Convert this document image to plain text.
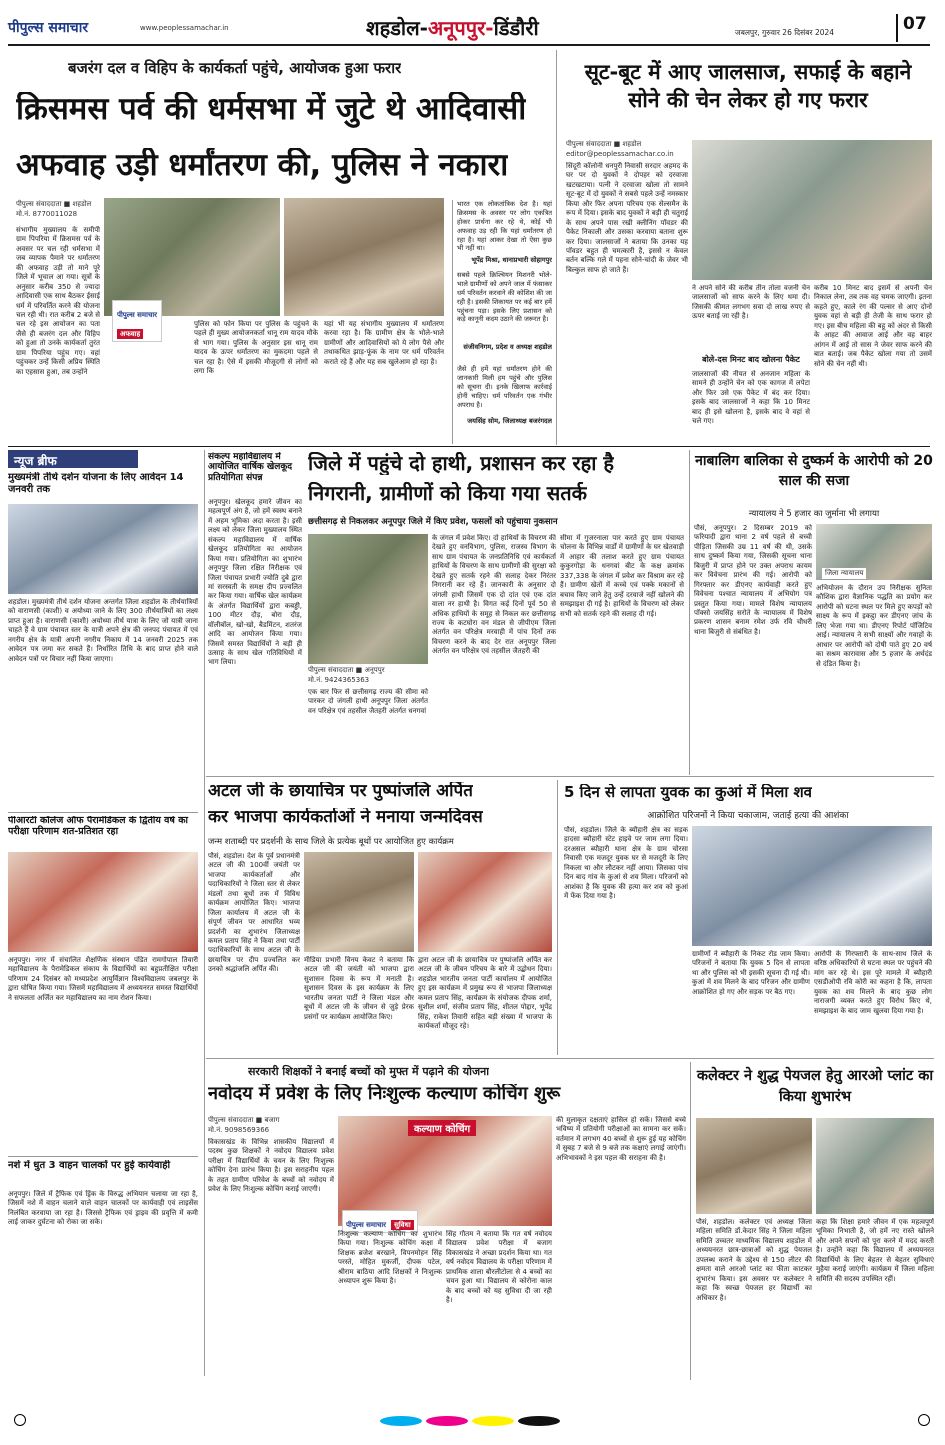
पीपुल्स समाचार	www.peoplessamachar.in	शहडोल-अनूपपुर-डिंडौरी	जबलपुर, गुरुवार 26 दिसंबर 2024	07
बजरंग दल व विहिप के कार्यकर्ता पहुंचे, आयोजक हुआ फरार
क्रिसमस पर्व की धर्मसभा में जुटे थे आदिवासी
अफवाह उड़ी धर्मांतरण की, पुलिस ने नकारा
पीपुल्स संवाददाता ■ शहडोल
मो.नं. 8770011028
पीपुल्स समाचार
अफवाह
संभागीय मुख्यालय के समीपी ग्राम पिपरिया में क्रिसमस पर्व के अवसर पर चल रही धर्मसभा में जब व्यापक पैमाने पर धर्मांतरण की अफवाह उड़ी तो माने पूरे जिले में भूचाल आ गया। सूत्रों के अनुसार करीब 350 से ज्यादा आदिवासी एक साथ बैठकर ईसाई धर्म में परिवर्तित करने की योजना चल रही थी। रात करीब 2 बजे से चल रहे इस आयोजन का पता जैसे ही बजरंग दल और विहिप को हुआ तो उनके कार्यकर्ता तुरंत ग्राम पिपरिया पहुंच गए। वहां पहुंचकर उन्हें किसी अप्रिय स्थिति का एहसास हुआ, तब उन्होंने
पुलिस को फोन किया पर पुलिस के पहुंचने के पहले ही मुख्य आयोजनकर्ता धानू राम यादव मौके से भाग गया। पुलिस के अनुसार इस धानू राम यादव के ऊपर धर्मांतरण का मुकदमा पहले से चल रहा है। ऐसे में इसकी मौजूदगी से लोगों को लगा कि
यहां भी यह संभागीय मुख्यालय में धर्मांतरण करवा रहा है। कि ग्रामीण क्षेत्र के भोले-भाले ग्रामीणों और आदिवासियों को ये लोग पैसे और तथाकथित झाड़-फूंक के नाम पर धर्म परिवर्तन कराते रहे हैं और यह सब खुलेआम हो रहा है।
भारत एक लोकतांत्रिक देश है। यहां क्रिसमस के अवसर पर लोग एकत्रित होकर प्रार्थना कर रहे थे, कोई भी अफवाह उड़ रही कि यहां धर्मांतरण हो रहा है। यहां आकर देखा तो ऐसा कुछ भी नहीं था।
भूपेंद्र मिश्रा, थानाप्रभारी सोहागपुर
सबसे पहले क्रिश्चियन मिशनरी भोले-भाले ग्रामीणों को अपने जाल में फंसाकर धर्म परिवर्तन करवाने की कोशिश की जा रही है। इसकी शिकायत पर कई बार हमें पहुंचना पड़ा। इसके लिए प्रशासन को कड़े कानूनी कदम उठाने की जरूरत है।
संजीवनिगम, प्रदेश व अध्यक्ष शहडोल
जैसे ही हमें यहां धर्मांतरण होने की जानकारी मिली हम पहुंचे और पुलिस को सूचना दी। इनके खिलाफ कार्रवाई होनी चाहिए। धर्म परिवर्तन एक गंभीर अपराध है।
जयसिंह सोम, जिलाध्यक्ष बजरंगदल
सूट-बूट में आए जालसाज, सफाई के बहाने सोने की चेन लेकर हो गए फरार
पीपुल्स संवाददाता ■ शहडोल
editor@peoplessamachar.co.in
सिंदूरी कॉलोनी धनपुरी निवासी सरदार अहमद के घर पर दो युवकों ने दोपहर को दरवाजा खटखटाया। पत्नी ने दरवाजा खोला तो सामने सूट-बूट में दो युवकों ने सबसे पहले उन्हें नमस्कार किया और फिर अपना परिचय एक सेल्समैन के रूप में दिया। इसके बाद युवकों ने बड़ी ही चतुराई के साथ अपने पास रखी क्लीनिंग पॉवडर की पैकेट निकाली और उसका करवाया बताना शुरू कर दिया। जालसाजों ने बताया कि उनका यह पॉवडर बहुत ही चमत्कारी है, इससे न केवल बर्तन बल्कि गले में पहना सोने-चांदी के जेवर भी बिल्कुल साफ हो जाते हैं।
ने अपने सोने की करीब तीन तोला वजनी चेन जालसाजों को साफ करने के लिए थमा दी। जिसकी कीमत लगभग सवा दो लाख रुपए से ऊपर बताई जा रही है।
बोले-दस मिनट बाद खोलना पैकेट
जालसाजों की नीयत से अनजान महिला के सामने ही उन्होंने चेन को एक कागज में लपेटा और फिर उसे एक पैकेट में बंद कर दिया। इसके बाद जालसाजों ने कहा कि 10 मिनट बाद ही इसे खोलना है, इसके बाद वे वहां से चले गए।
करीब 10 मिनट बाद इसमें से अपनी चेन निकाल लेना, तब तक वह चमक जाएगी। इतना कहते हुए, काले रंग की पल्सर से आए दोनों युवक वहां से बड़ी ही तेजी के साथ फरार हो गए। इस बीच महिला की बहू को अंदर से किसी के आहट की आवाज आई और वह बाहर आंगन में आई तो सास ने जेवर साफ करने की बात बताई। जब पैकेट खोला गया तो उसमें सोने की चेन नहीं थी।
न्यूज ब्रीफ
मुख्यमंत्री तीर्थ दर्शन योजना के लिए आवेदन 14 जनवरी तक
शहडोल। मुख्यमंत्री तीर्थ दर्शन योजना अन्तर्गत जिला शहडोल के तीर्थयात्रियों को वाराणसी (काशी) व अयोध्या जाने के लिए 300 तीर्थयात्रियों का लक्ष्य प्राप्त हुआ है। वाराणसी (काशी) अयोध्या तीर्थ यात्रा के लिए जो यात्री जाना चाहते हैं वे ग्राम पंचायत स्तर के यात्री अपने क्षेत्र की जनपद पंचायत में एवं नगरीय क्षेत्र के यात्री अपनी नगरीय निकाय में 14 जनवरी 2025 तक आवेदन पत्र जमा कर सकते हैं। निर्धारित तिथि के बाद प्राप्त होने वाले आवेदन पत्रों पर विचार नहीं किया जाएगा।
पीआरटी कॉलेज ऑफ पैरामेडिकल के द्वितीय वर्ष का परीक्षा परिणाम शत-प्रतिशत रहा
अनूपपुर। नगर में संचालित शैक्षणिक संस्थान पंडित रामगोपाल तिवारी महाविद्यालय के पैरामेडिकल संकाय के विद्यार्थियों का बहुप्रतीक्षित परीक्षा परिणाम 24 दिसंबर को मध्यप्रदेश आयुर्विज्ञान विश्वविद्यालय जबलपुर के द्वारा घोषित किया गया। जिसमें महाविद्यालय में अध्ययनरत समस्त विद्यार्थियों ने सफलता अर्जित कर महाविद्यालय का नाम रोशन किया।
नशे में धुत 3 वाहन चालकों पर हुई कार्यवाही
अनूपपुर। जिले में ट्रैफिक एवं ड्रिंक के विरुद्ध अभियान चलाया जा रहा है, जिसमें नशे में वाहन चलाने वाले वाहन चालकों पर कार्यवाही एवं लाइसेंस निलंबित करवाया जा रहा है। जिससे ट्रैफिक एवं ड्राइव की प्रवृत्ति में कमी लाई जाकर दुर्घटना को रोका जा सके।
संकल्प महाविद्यालय में आयोजित वार्षिक खेलकूद प्रतियोगिता संपन्न
अनूपपुर। खेलकूद हमारे जीवन का महत्वपूर्ण अंग है, जो हमें स्वस्थ बनाने में अहम भूमिका अदा करता है। इसी लक्ष्य को लेकर जिला मुख्यालय स्थित संकल्प महाविद्यालय में वार्षिक खेलकूद प्रतियोगिता का आयोजन किया गया। प्रतियोगिता का शुभारंभ अनूपपुर जिला रक्षित निरीक्षक एवं जिला पंचायत प्रभारी ज्योति दुबे द्वारा मां सरस्वती के समक्ष दीप प्रज्वलित कर किया गया। वार्षिक खेल कार्यक्रम के अंतर्गत विद्यार्थियों द्वारा कबड्डी, 100 मीटर दौड़, बोरा दौड़, वॉलीबॉल, खो-खो, बैडमिंटन, शतरंज आदि का आयोजन किया गया। जिसमें समस्त विद्यार्थियों ने बड़ी ही उत्साह के साथ खेल गतिविधियों में भाग लिया।
जिले में पहुंचे दो हाथी, प्रशासन कर रहा है
निगरानी, ग्रामीणों को किया गया सतर्क
छत्तीसगढ़ से निकलकर अनूपपुर जिले में किए प्रवेश, फसलों को पहुंचाया नुकसान
पीपुल्स संवाददाता ■ अनूपपुर
मो.नं. 9424365363
एक बार फिर से छत्तीसगढ़ राज्य की सीमा को पारकर दो जंगली हाथी अनूपपुर जिला अंतर्गत वन परिक्षेत्र एवं तहसील जैतहरी अंतर्गत धनगवां
के जंगल में प्रवेश किए। दो हाथियों के विचरण की देखते हुए वनविभाग, पुलिस, राजस्व विभाग के साथ ग्राम पंचायत के जनप्रतिनिधि एवं कार्यकर्ता हाथियों के विचरण के साथ ग्रामीणों की सुरक्षा को देखते हुए सतर्क रहने की सलाह देकर निरंतर निगरानी कर रहे हैं। जानकारी के अनुसार दो जंगली हाथी जिसमें एक दो दांत एवं एक दांत वाला नर हाथी है। विगत कई दिनों पूर्व 50 से अधिक हाथियों के समूह से निकल कर छत्तीसगढ़ राज्य के कटघोरा वन मंडल से जीपीएम जिला अंतर्गत वन परिक्षेत्र मरवाही में पांच दिनों तक विचरण करने के बाद देर रात अनूपपुर जिला अंतर्गत वन परिक्षेत्र एवं तहसील जैतहरी की
सीमा में गुजरनाला पार करते हुए ग्राम पंचायत चोलना के विभिन्न वार्डों में ग्रामीणों के घर खेतवाड़ी में आहार की तलाश करते हुए ग्राम पंचायत कुकुरगोड़ा के धनगवां बीट के कक्ष क्रमांक 337,338 के जंगल में प्रवेश कर विश्राम कर रहे हैं। ग्रामीण खेतों में कच्चे एवं पक्के मकानों से बचाव किए जाने हेतु उन्हें दरवाजे नहीं खोलने की समझाइश दी गई है। हाथियों के विचरण को लेकर सभी को सतर्क रहने की सलाह दी गई।
नाबालिग बालिका से दुष्कर्म के आरोपी को 20 साल की सजा
न्यायालय ने 5 हजार का जुर्माना भी लगाया
पौसं, अनूपपुर। 2 दिसम्बर 2019 को फरियादी द्वारा थाना 2 वर्ष पहले से बच्ची पीड़िता जिसकी उम्र 11 वर्ष की थी, उसके साथ दुष्कर्म किया गया, जिसकी सूचना थाना बिजुरी में प्राप्त होने पर उक्त अपराध कायम कर विवेचना प्रारंभ की गई। आरोपी को गिरफ्तार कर डीएनए कार्यवाही करते हुए विवेचना पश्चात न्यायालय में अभियोग पत्र प्रस्तुत किया गया। मामले विशेष न्यायालय पॉक्सो जयसिंह सरोते के न्यायालय में विशेष प्रकरण शासन बनाम रमेश उर्फ रवि चौधरी थाना बिजुरी से संबंधित है।
जिला न्यायालय
अभियोजन के दौरान उप निरीक्षक सुनिता कौशिक द्वारा वैज्ञानिक पद्धति का प्रयोग कर आरोपी को घटना स्थल पर मिले हुए कपड़ों को साक्ष्य के रूप में इकट्ठा कर डीएनए जांच के लिए भेजा गया था। डीएनए रिपोर्ट पॉजिटिव आई। न्यायालय ने सभी साक्ष्यों और गवाहों के आधार पर आरोपी को दोषी पाते हुए 20 वर्ष का सश्रम कारावास और 5 हजार के अर्थदंड से दंडित किया है।
अटल जी के छायाचित्र पर पुष्पांजलि अर्पित
कर भाजपा कार्यकर्ताओं ने मनाया जन्मदिवस
जन्म शताब्दी पर प्रदर्शनी के साथ जिले के प्रत्येक बूथों पर आयोजित हुए कार्यक्रम
पौसं, शहडोल। देश के पूर्व प्रधानमंत्री अटल जी की 100वीं जयंती पर भाजपा कार्यकर्ताओं और पदाधिकारियों ने जिला स्तर से लेकर मंडलों तथा बूथों तक में विविध कार्यक्रम आयोजित किए। भाजपा जिला कार्यालय में अटल जी के संपूर्ण जीवन पर आधारित भव्य प्रदर्शनी का शुभारंभ जिलाध्यक्ष कमल प्रताप सिंह ने किया तथा पार्टी पदाधिकारियों के साथ अटल जी के छायाचित्र पर दीप प्रज्वलित कर उनको श्रद्धांजलि अर्पित की।
मीडिया प्रभारी विनय केवट ने बताया कि अटल जी की जयंती को भाजपा द्वारा सुशासन दिवस के रूप में मनाती है। सुशासन दिवस के इस कार्यक्रम के लिए भारतीय जनता पार्टी ने जिला मंडल और बूथों में अटल जी के जीवन से जुड़े प्रेरक प्रसंगों पर कार्यक्रम आयोजित किए।
द्वारा अटल जी के छायाचित्र पर पुष्पांजलि अर्पित कर अटल जी के जीवन परिचय के बारे में उद्बोधन दिया। शहडोल भारतीय जनता पार्टी कार्यालय में आयोजित हुए इस कार्यक्रम में प्रमुख रूप से भाजपा जिलाध्यक्ष कमल प्रताप सिंह, कार्यक्रम के संयोजक दीपक शर्मा, सुशील शर्मा, संजीव प्रताप सिंह, शीतल पोद्दार, भूपेंद्र सिंह, राकेश तिवारी सहित बड़ी संख्या में भाजपा के कार्यकर्ता मौजूद रहे।
5 दिन से लापता युवक का कुआं में मिला शव
आक्रोशित परिजनों ने किया चकाजाम, जताई हत्या की आशंका
पौसं, शहडोल। जिले के ब्यौहारी क्षेत्र का सड़क हादसा ब्यौहारी स्टेट हाइवे पर जाम लगा दिया। दरअसल ब्यौहारी थाना क्षेत्र के ग्राम चोरसा निवासी एक मजदूर युवक घर से मजदूरी के लिए निकला था और लौटकर नहीं आया। जिसका पांच दिन बाद गांव के कुआं से शव मिला। परिजनों को आशंका है कि युवक की हत्या कर शव को कुआं में फेंक दिया गया है।
ग्रामीणों ने ब्यौहारी के निकट रोड जाम किया। परिजनों ने बताया कि युवक 5 दिन से लापता था और पुलिस को भी इसकी सूचना दी गई थी। कुआं में शव मिलने के बाद परिजन और ग्रामीण आक्रोशित हो गए और सड़क पर बैठ गए।
आरोपी के गिरफ्तारी के साथ-साथ जिले के वरिष्ठ अधिकारियों से घटना स्थल पर पहुंचने की मांग कर रहे थे। इस पूरे मामले में ब्यौहारी एसडीओपी रवि कोरी का कहना है कि, लापता युवक का शव मिलने के बाद कुछ लोग नाराजगी व्यक्त करते हुए विरोध किए थे, समझाइश के बाद जाम खुलवा दिया गया है।
सरकारी शिक्षकों ने बनाई बच्चों को मुफ्त में पढ़ाने की योजना
नवोदय में प्रवेश के लिए निःशुल्क कल्याण कोचिंग शुरू
पीपुल्स संवाददाता ■ बजाग
मो.नं. 9098569366	कल्याण कोचिंग
पीपुल्स समाचार सुविधा
विकासखंड के विभिन्न शासकीय विद्यालयों में पदस्थ कुछ शिक्षकों ने नवोदय विद्यालय प्रवेश परीक्षा में विद्यार्थियों के चयन के लिए निःशुल्क कोचिंग देना प्रारंभ किया है। इस सराहनीय पहल के तहत ग्रामीण परिवेश के बच्चों को नवोदय में प्रवेश के लिए निःशुल्क कोचिंग कराई जाएगी।
निःशुल्क कल्याण कोचिंग का शुभारंभ किया गया। निःशुल्क कोचिंग कक्षा में शिक्षक ब्रजेश बरखाने, विपनमोहन सिंह परस्ते, मोहित मुकर्जी, दीपक पटेल, श्रीराम बाठिया आदि शिक्षकों ने निःशुल्क अध्यापन शुरू किया है।
सिंह गौतम ने बताया कि गत वर्ष नवोदय विद्यालय प्रवेश परीक्षा में बजाग विकासखंड ने अच्छा प्रदर्शन किया था। गत वर्ष नवोदय विद्यालय के परीक्षा परिणाम में प्राथमिक शाला बौरलीटोला से 4 बच्चों का चयन हुआ था। विद्यालय से कोरोना काल के बाद बच्चों को यह सुविधा दी जा रही है।
की मुलाकृत दक्षताएं हासिल हो सकें। जिससे बच्चे भविष्य में प्रतियोगी परीक्षाओं का सामना कर सकें। वर्तमान में लगभग 40 बच्चों से शुरू हुई यह कोचिंग में सुबह 7 बजे से 9 बजे तक कक्षाएं लगाई जाएंगी। अभिभावकों ने इस पहल की सराहना की है।
कलेक्टर ने शुद्ध पेयजल हेतु आरओ प्लांट का किया शुभारंभ
पौसं, शहडोल। कलेक्टर एवं अध्यक्ष जिला महिला समिति डॉ.केदार सिंह ने जिला महिला समिति उच्चतर माध्यमिक विद्यालय शहडोल में अध्ययनरत छात्र-छात्राओं को शुद्ध पेयजल उपलब्ध कराने के उद्देश्य से 150 लीटर की क्षमता वाले आरओ प्लांट का फीता काटकर शुभारंभ किया। इस अवसर पर कलेक्टर ने कहा कि स्वच्छ पेयजल हर विद्यार्थी का अधिकार है।
कहा कि शिक्षा हमारे जीवन में एक महत्वपूर्ण भूमिका निभाती है, जो हमें नए रास्ते खोलने और अपने सपनों को पूरा करने में मदद करती है। उन्होंने कहा कि विद्यालय में अध्ययनरत विद्यार्थियों के लिए बेहतर से बेहतर सुविधाएं मुहैया कराई जाएंगी। कार्यक्रम में जिला महिला समिति की सदस्य उपस्थित रहीं।
